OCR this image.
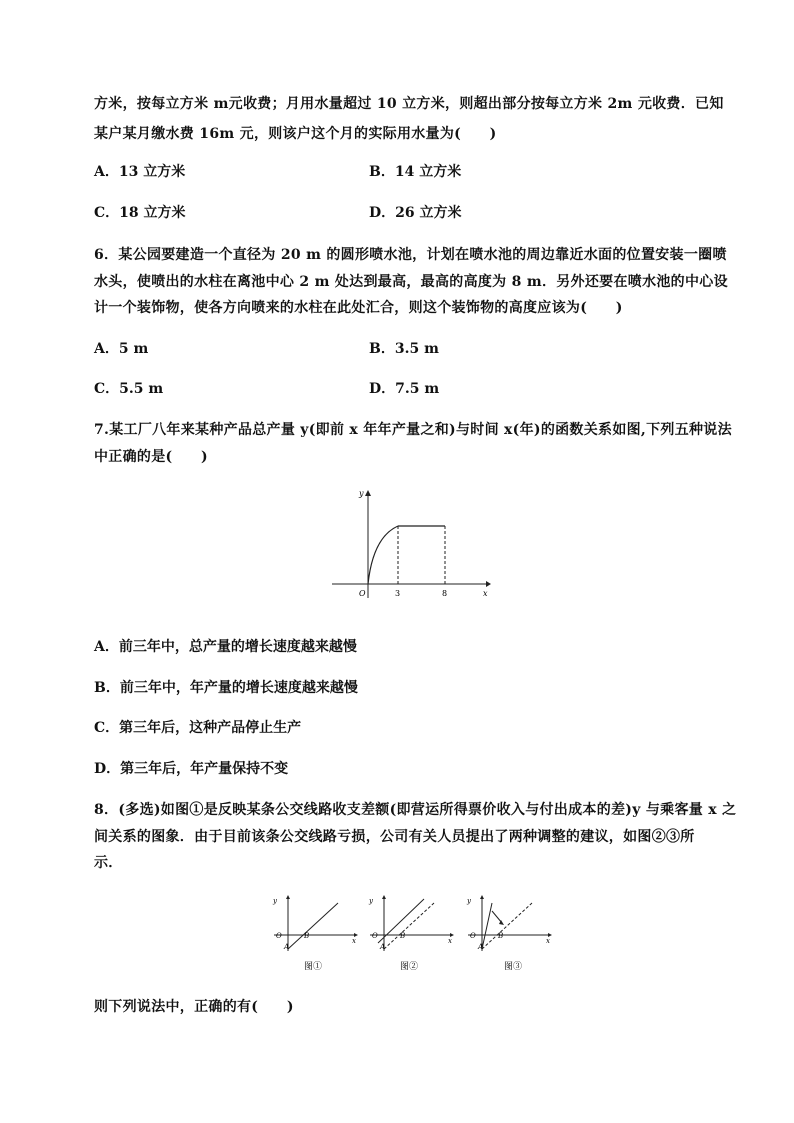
方米，按每立方米 m元收费；月用水量超过 10 立方米，则超出部分按每立方米 2m 元收费．已知
某户某月缴水费 16m 元，则该户这个月的实际用水量为(　　)
A．13 立方米	B．14 立方米
C．18 立方米	D．26 立方米
6．某公园要建造一个直径为 20 m 的圆形喷水池，计划在喷水池的周边靠近水面的位置安装一圈喷
水头，使喷出的水柱在离池中心 2 m 处达到最高，最高的高度为 8 m．另外还要在喷水池的中心设
计一个装饰物，使各方向喷来的水柱在此处汇合，则这个装饰物的高度应该为(　　)
A．5 m	B．3.5 m
C．5.5 m	D．7.5 m
7.某工厂八年来某种产品总产量 y(即前 x 年年产量之和)与时间 x(年)的函数关系如图,下列五种说法
中正确的是(　　)
y
x
O	3	8
A．前三年中，总产量的增长速度越来越慢
B．前三年中，年产量的增长速度越来越慢
C．第三年后，这种产品停止生产
D．第三年后，年产量保持不变
8．(多选)如图①是反映某条公交线路收支差额(即营运所得票价收入与付出成本的差)y 与乘客量 x 之
间关系的图象．由于目前该条公交线路亏损，公司有关人员提出了两种调整的建议，如图②③所
示．
y
x
O
A
B
图①
y
x
O
A
B
图②
y
x
O
A
B
图③
则下列说法中，正确的有(　　)
